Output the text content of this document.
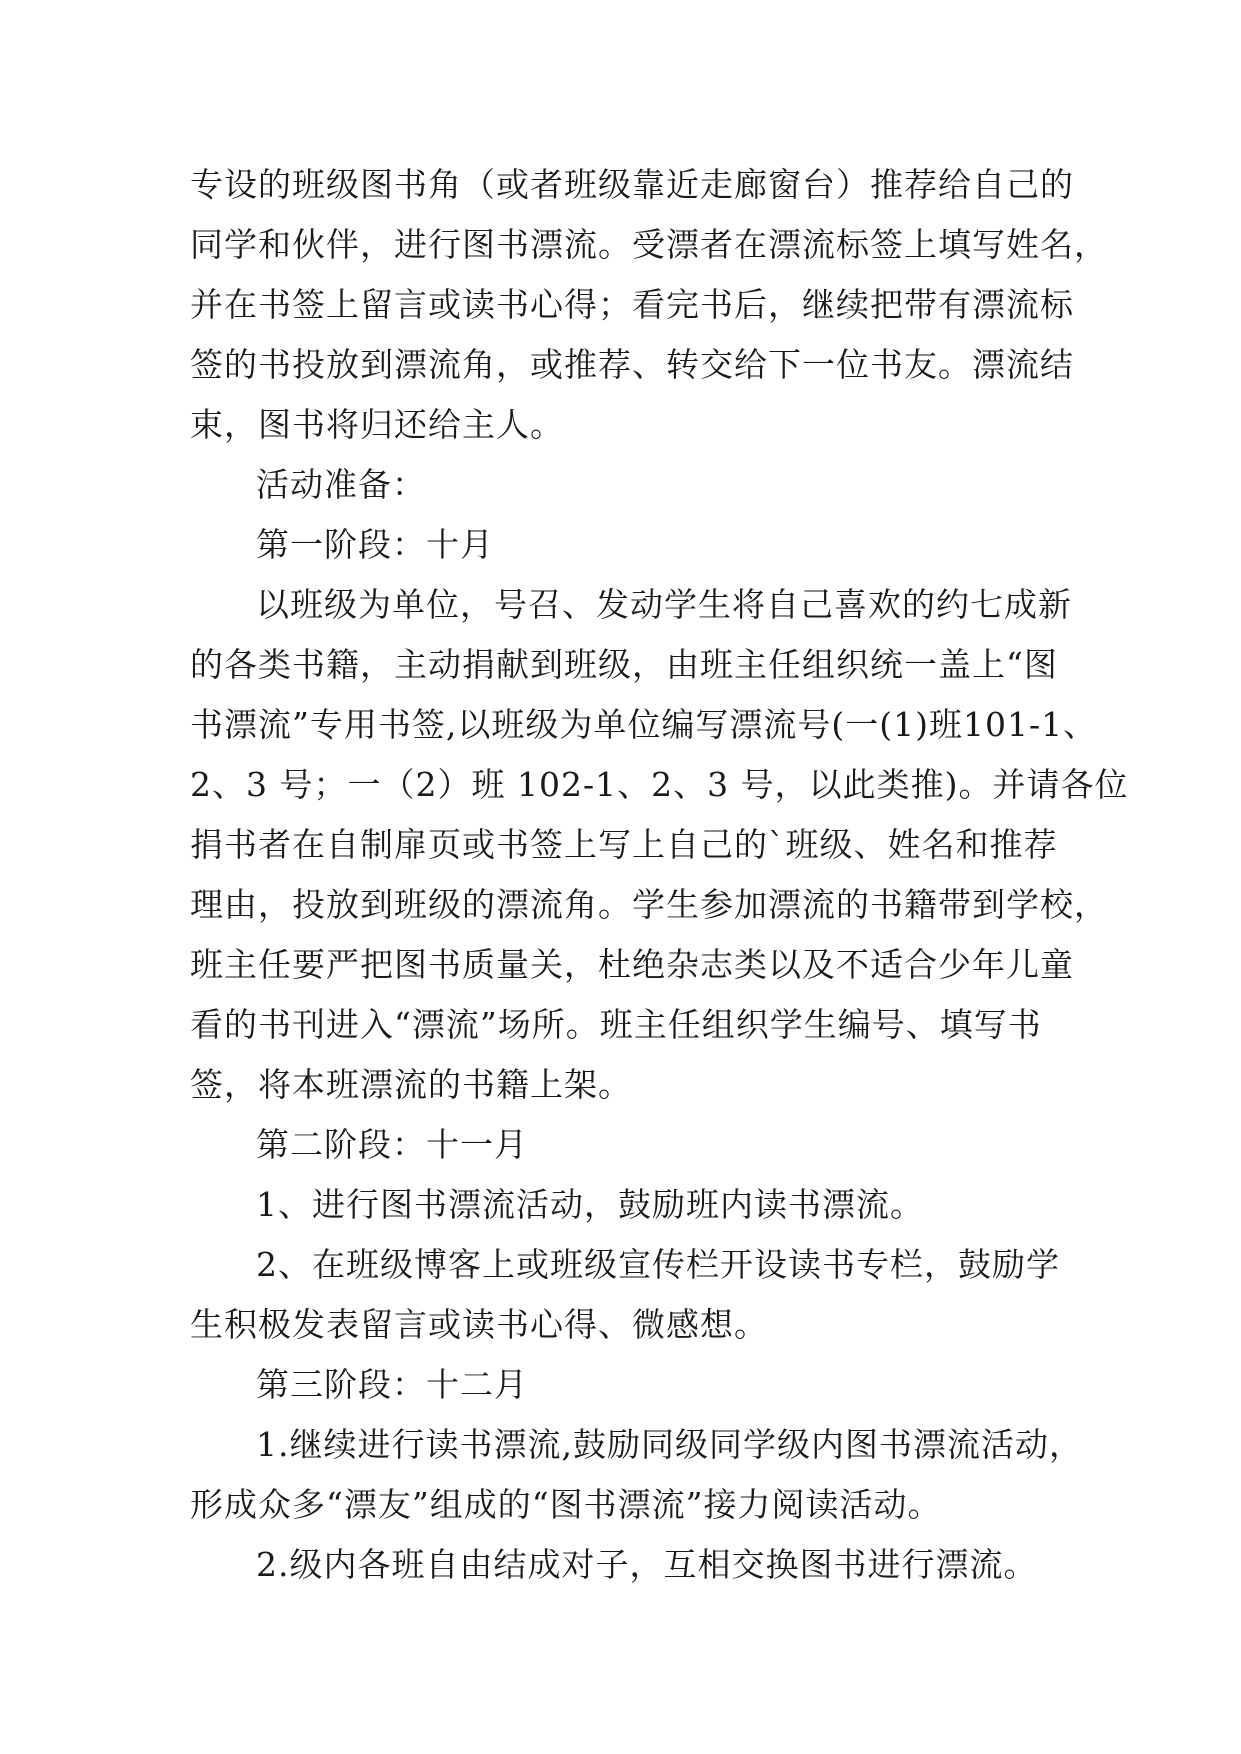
专设的班级图书角（或者班级靠近走廊窗台）推荐给自己的
同学和伙伴，进行图书漂流。受漂者在漂流标签上填写姓名，
并在书签上留言或读书心得；看完书后，继续把带有漂流标
签的书投放到漂流角，或推荐、转交给下一位书友。漂流结
束，图书将归还给主人。
活动准备：
第一阶段：十月
以班级为单位，号召、发动学生将自己喜欢的约七成新
的各类书籍，主动捐献到班级，由班主任组织统一盖上“图
书漂流”专用书签,以班级为单位编写漂流号(一(1)班101-1、
2、3 号；一（2）班 102-1、2、3 号，以此类推)。并请各位
捐书者在自制扉页或书签上写上自己的`班级、姓名和推荐
理由，投放到班级的漂流角。学生参加漂流的书籍带到学校，
班主任要严把图书质量关，杜绝杂志类以及不适合少年儿童
看的书刊进入“漂流”场所。班主任组织学生编号、填写书
签，将本班漂流的书籍上架。
第二阶段：十一月
1、进行图书漂流活动，鼓励班内读书漂流。
2、在班级博客上或班级宣传栏开设读书专栏，鼓励学
生积极发表留言或读书心得、微感想。
第三阶段：十二月
1.继续进行读书漂流,鼓励同级同学级内图书漂流活动，
形成众多“漂友”组成的“图书漂流”接力阅读活动。
2.级内各班自由结成对子，互相交换图书进行漂流。
